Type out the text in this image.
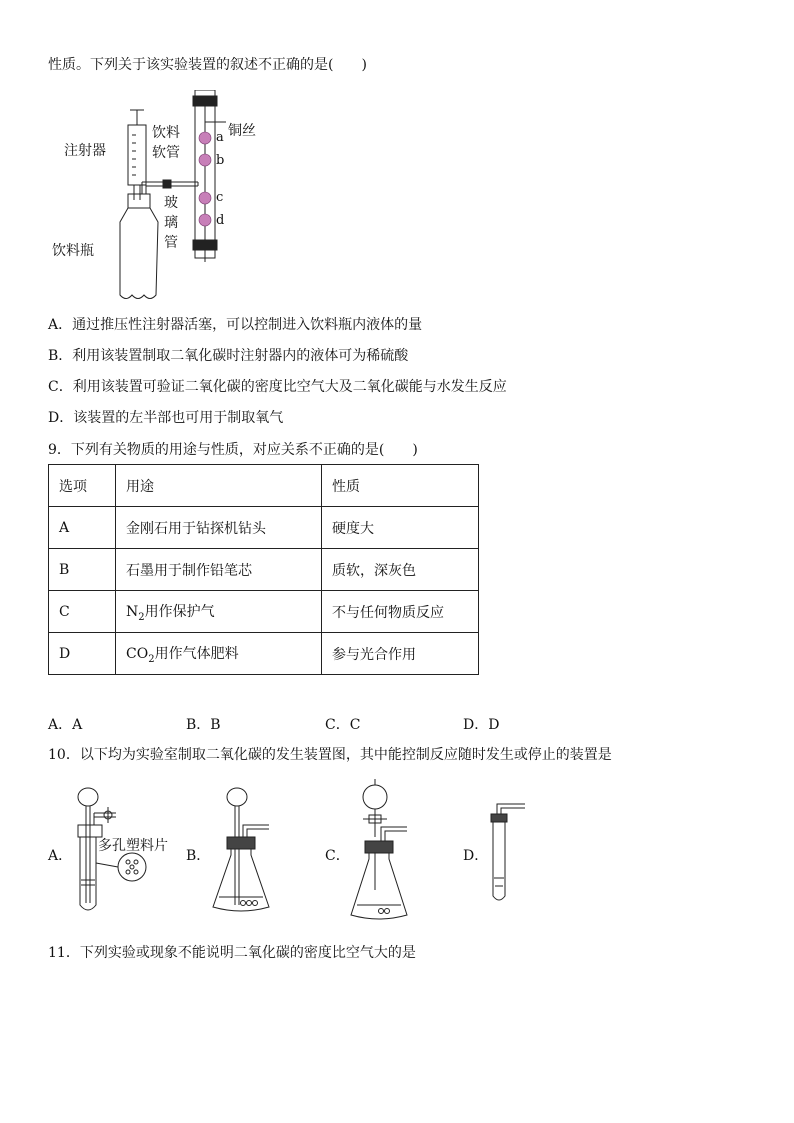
性质。下列关于该实验装置的叙述不正确的是(　　)
注射器
饮料
软管
铜丝
a
b
c
d
玻
璃
管
饮料瓶
A．通过推压性注射器活塞，可以控制进入饮料瓶内液体的量
B．利用该装置制取二氧化碳时注射器内的液体可为稀硫酸
C．利用该装置可验证二氧化碳的密度比空气大及二氧化碳能与水发生反应
D．该装置的左半部也可用于制取氧气
9．下列有关物质的用途与性质，对应关系不正确的是(　　)
选项	用途	性质
A	金刚石用于钻探机钻头	硬度大
B	石墨用于制作铅笔芯	质软，深灰色
C	$N_2$用作保护气	不与任何物质反应
D	$CO_2$用作气体肥料	参与光合作用
A．A	B．B	C．C	D．D
10．以下均为实验室制取二氧化碳的发生装置图，其中能控制反应随时发生或停止的装置是
A．	B．	C．	D．
多孔塑料片
11．下列实验或现象不能说明二氧化碳的密度比空气大的是
